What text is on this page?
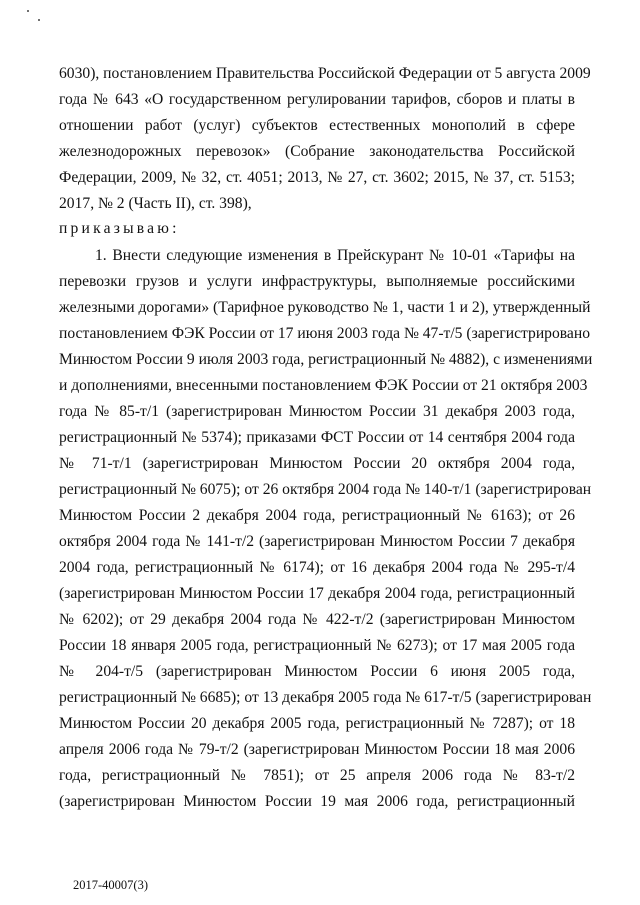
6030), постановлением Правительства Российской Федерации от 5 августа 2009
года № 643 «О государственном регулировании тарифов, сборов и платы в
отношении работ (услуг) субъектов естественных монополий в сфере
железнодорожных перевозок» (Собрание законодательства Российской
Федерации, 2009, № 32, ст. 4051; 2013, № 27, ст. 3602; 2015, № 37, ст. 5153;
2017, № 2 (Часть II), ст. 398),
приказываю:
1. Внести следующие изменения в Прейскурант № 10-01 «Тарифы на
перевозки грузов и услуги инфраструктуры, выполняемые российскими
железными дорогами» (Тарифное руководство № 1, части 1 и 2), утвержденный
постановлением ФЭК России от 17 июня 2003 года № 47-т/5 (зарегистрировано
Минюстом России 9 июля 2003 года, регистрационный № 4882), с изменениями
и дополнениями, внесенными постановлением ФЭК России от 21 октября 2003
года № 85-т/1 (зарегистрирован Минюстом России 31 декабря 2003 года,
регистрационный № 5374); приказами ФСТ России от 14 сентября 2004 года
№ 71-т/1 (зарегистрирован Минюстом России 20 октября 2004 года,
регистрационный № 6075); от 26 октября 2004 года № 140-т/1 (зарегистрирован
Минюстом России 2 декабря 2004 года, регистрационный № 6163); от 26
октября 2004 года № 141-т/2 (зарегистрирован Минюстом России 7 декабря
2004 года, регистрационный № 6174); от 16 декабря 2004 года № 295-т/4
(зарегистрирован Минюстом России 17 декабря 2004 года, регистрационный
№ 6202); от 29 декабря 2004 года № 422-т/2 (зарегистрирован Минюстом
России 18 января 2005 года, регистрационный № 6273); от 17 мая 2005 года
№ 204-т/5 (зарегистрирован Минюстом России 6 июня 2005 года,
регистрационный № 6685); от 13 декабря 2005 года № 617-т/5 (зарегистрирован
Минюстом России 20 декабря 2005 года, регистрационный № 7287); от 18
апреля 2006 года № 79-т/2 (зарегистрирован Минюстом России 18 мая 2006
года, регистрационный № 7851); от 25 апреля 2006 года № 83-т/2
(зарегистрирован Минюстом России 19 мая 2006 года, регистрационный
2017-40007(3)
